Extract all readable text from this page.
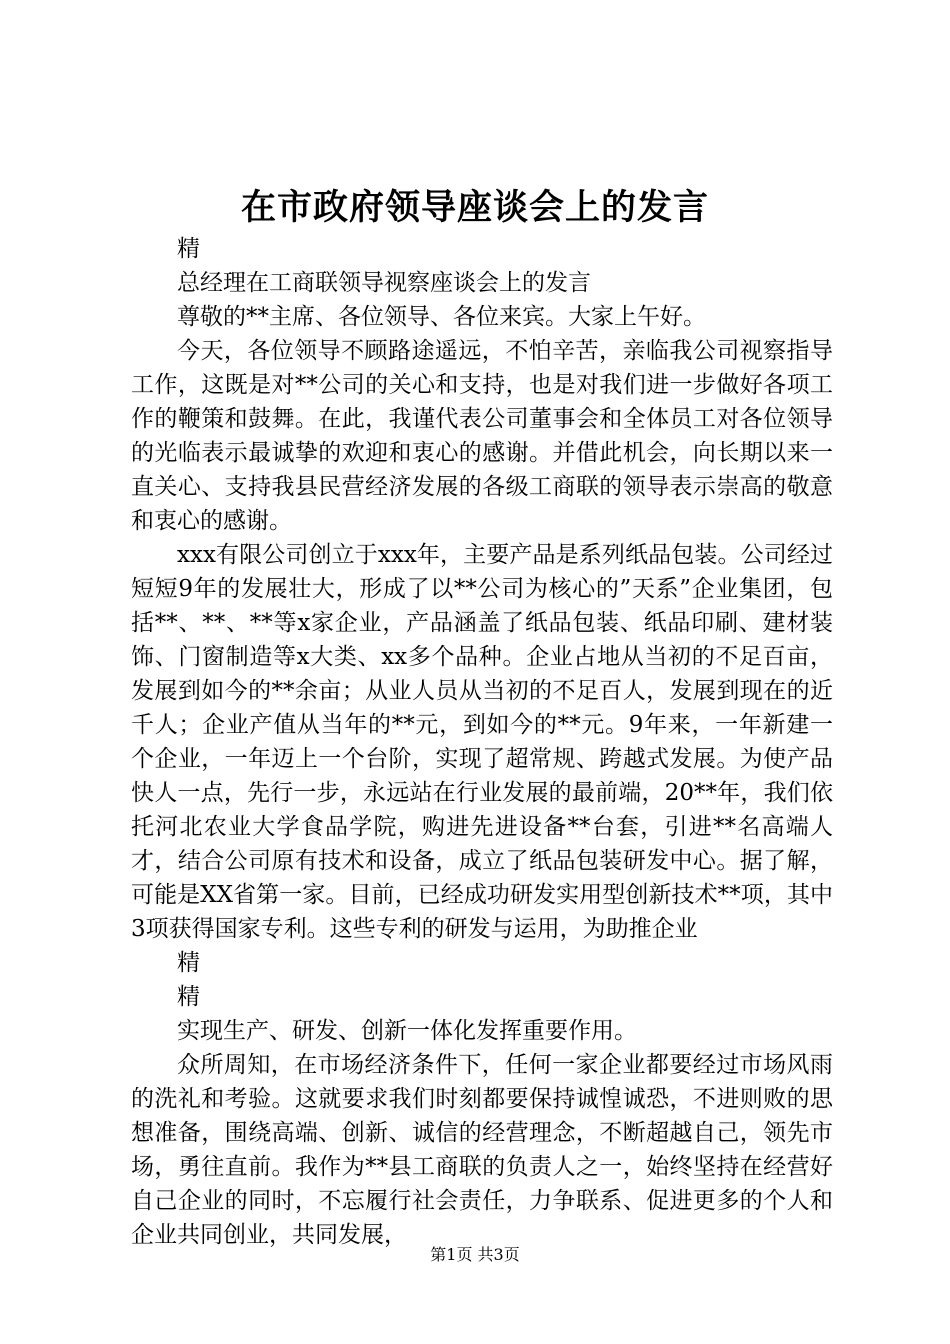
在市政府领导座谈会上的发言

精

总经理在工商联领导视察座谈会上的发言

尊敬的**主席、各位领导、各位来宾。大家上午好。

今天，各位领导不顾路途遥远，不怕辛苦，亲临我公司视察指导工作，这既是对**公司的关心和支持，也是对我们进一步做好各项工作的鞭策和鼓舞。在此，我谨代表公司董事会和全体员工对各位领导的光临表示最诚挚的欢迎和衷心的感谢。并借此机会，向长期以来一直关心、支持我县民营经济发展的各级工商联的领导表示崇高的敬意和衷心的感谢。

xxx有限公司创立于xxx年，主要产品是系列纸品包装。公司经过短短9年的发展壮大，形成了以**公司为核心的”天系”企业集团，包括**、**、**等x家企业，产品涵盖了纸品包装、纸品印刷、建材装饰、门窗制造等x大类、xx多个品种。企业占地从当初的不足百亩，发展到如今的**余亩；从业人员从当初的不足百人，发展到现在的近千人；企业产值从当年的**元，到如今的**元。9年来，一年新建一个企业，一年迈上一个台阶，实现了超常规、跨越式发展。为使产品快人一点，先行一步，永远站在行业发展的最前端，20**年，我们依托河北农业大学食品学院，购进先进设备**台套，引进**名高端人才，结合公司原有技术和设备，成立了纸品包装研发中心。据了解，可能是XX省第一家。目前，已经成功研发实用型创新技术**项，其中3项获得国家专利。这些专利的研发与运用，为助推企业

精

精

实现生产、研发、创新一体化发挥重要作用。

众所周知，在市场经济条件下，任何一家企业都要经过市场风雨的洗礼和考验。这就要求我们时刻都要保持诚惶诚恐，不进则败的思想准备，围绕高端、创新、诚信的经营理念，不断超越自己，领先市场，勇往直前。我作为**县工商联的负责人之一，始终坚持在经营好自己企业的同时，不忘履行社会责任，力争联系、促进更多的个人和企业共同创业，共同发展，

第1页 共3页
